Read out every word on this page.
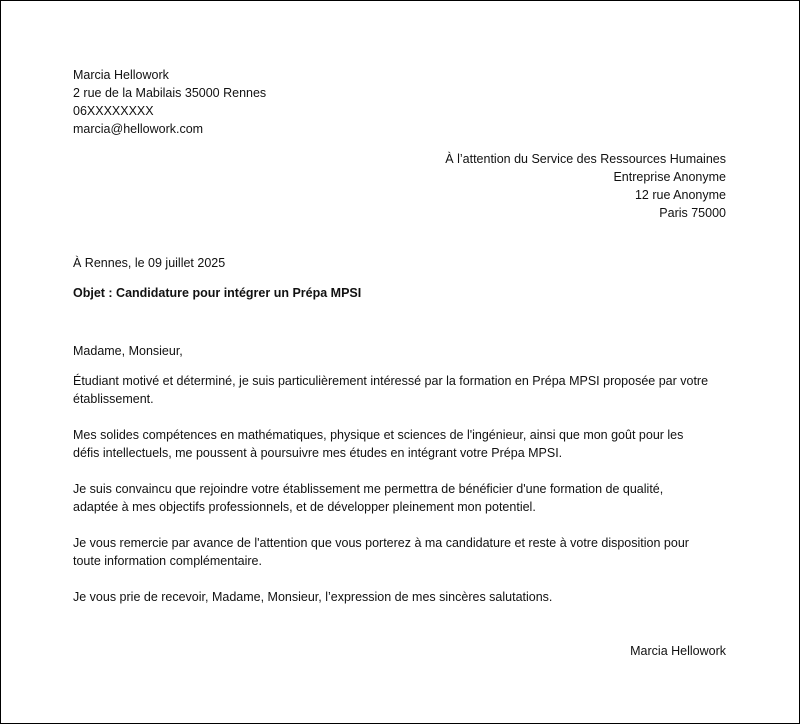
Marcia Hellowork
2 rue de la Mabilais 35000 Rennes
06XXXXXXXX
marcia@hellowork.com
À l’attention du Service des Ressources Humaines
Entreprise Anonyme
12 rue Anonyme
Paris 75000
À Rennes, le 09 juillet 2025
Objet : Candidature pour intégrer un Prépa MPSI

Madame, Monsieur,

Étudiant motivé et déterminé, je suis particulièrement intéressé par la formation en Prépa MPSI proposée par votre
établissement.

Mes solides compétences en mathématiques, physique et sciences de l'ingénieur, ainsi que mon goût pour les
défis intellectuels, me poussent à poursuivre mes études en intégrant votre Prépa MPSI.

Je suis convaincu que rejoindre votre établissement me permettra de bénéficier d'une formation de qualité,
adaptée à mes objectifs professionnels, et de développer pleinement mon potentiel.

Je vous remercie par avance de l'attention que vous porterez à ma candidature et reste à votre disposition pour
toute information complémentaire.

Je vous prie de recevoir, Madame, Monsieur, l’expression de mes sincères salutations.

Marcia Hellowork
